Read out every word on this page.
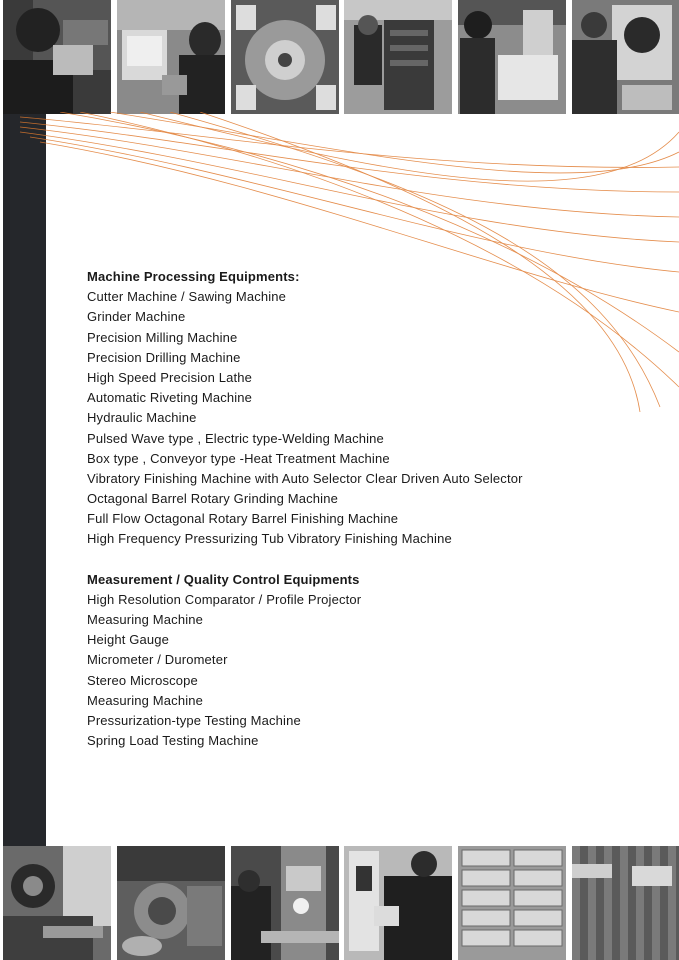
Machine Processing Equipments:

Cutter Machine / Sawing Machine
Grinder Machine
Precision Milling Machine
Precision Drilling Machine
High Speed Precision Lathe
Automatic Riveting Machine
Hydraulic Machine
Pulsed Wave type , Electric type-Welding Machine
Box type , Conveyor type -Heat Treatment Machine
Vibratory Finishing Machine with Auto Selector Clear Driven Auto Selector
Octagonal Barrel Rotary Grinding Machine
Full Flow Octagonal Rotary Barrel Finishing Machine
High Frequency Pressurizing Tub Vibratory Finishing Machine

Measurement / Quality Control Equipments

High Resolution Comparator / Profile Projector
Measuring Machine
Height Gauge
Micrometer / Durometer
Stereo Microscope
Measuring Machine
Pressurization-type Testing Machine
Spring Load Testing Machine
